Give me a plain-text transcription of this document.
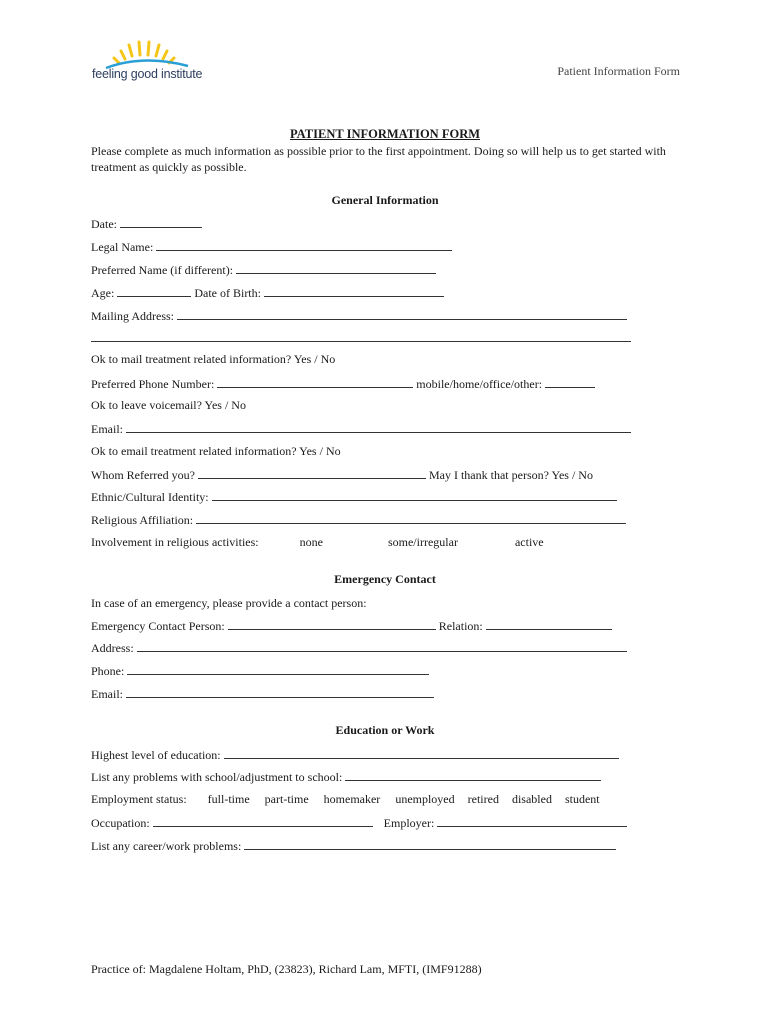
feeling good institute	Patient Information Form
PATIENT INFORMATION FORM
Please complete as much information as possible prior to the first appointment. Doing so will help us to get started with treatment as quickly as possible.
General Information
Date:
Legal Name:
Preferred Name (if different):
Age:	Date of Birth:
Mailing Address:
Ok to mail treatment related information? Yes / No
Preferred Phone Number:	mobile/home/office/other:
Ok to leave voicemail? Yes / No
Email:
Ok to email treatment related information? Yes / No
Whom Referred you?	May I thank that person? Yes / No
Ethnic/Cultural Identity:
Religious Affiliation:
Involvement in religious activities:	none	some/irregular	active
Emergency Contact
In case of an emergency, please provide a contact person:
Emergency Contact Person:	Relation:
Address:
Phone:
Email:
Education or Work
Highest level of education:
List any problems with school/adjustment to school:
Employment status: full-time part-time homemaker unemployed retired disabled student
Occupation:	Employer:
List any career/work problems:
Practice of: Magdalene Holtam, PhD, (23823), Richard Lam, MFTI, (IMF91288)
